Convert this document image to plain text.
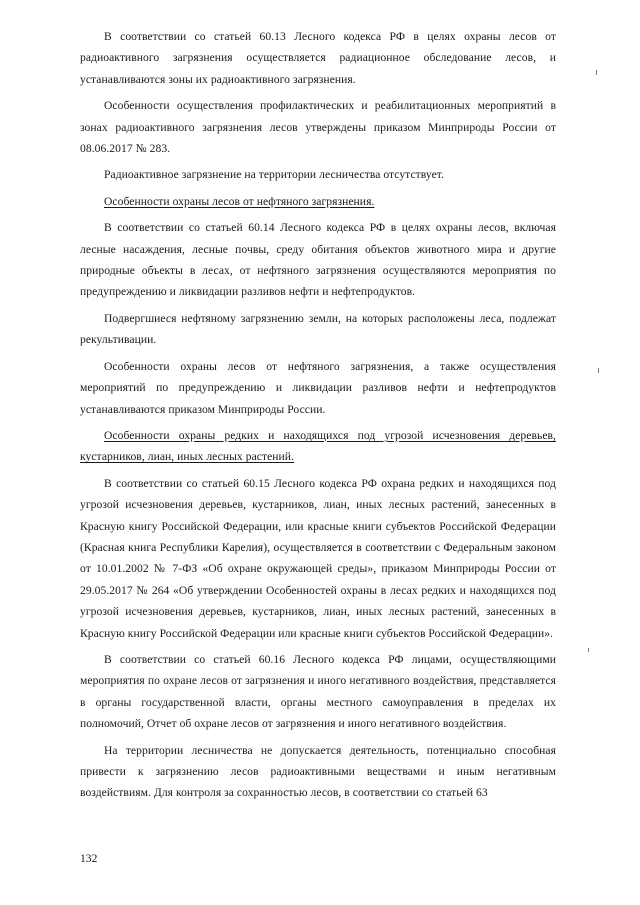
В соответствии со статьей 60.13 Лесного кодекса РФ в целях охраны лесов от радиоактивного загрязнения осуществляется радиационное обследование лесов, и устанавливаются зоны их радиоактивного загрязнения.

Особенности осуществления профилактических и реабилитационных мероприятий в зонах радиоактивного загрязнения лесов утверждены приказом Минприроды России от 08.06.2017 № 283.

Радиоактивное загрязнение на территории лесничества отсутствует.

Особенности охраны лесов от нефтяного загрязнения.

В соответствии со статьей 60.14 Лесного кодекса РФ в целях охраны лесов, включая лесные насаждения, лесные почвы, среду обитания объектов животного мира и другие природные объекты в лесах, от нефтяного загрязнения осуществляются мероприятия по предупреждению и ликвидации разливов нефти и нефтепродуктов.

Подвергшиеся нефтяному загрязнению земли, на которых расположены леса, подлежат рекультивации.

Особенности охраны лесов от нефтяного загрязнения, а также осуществления мероприятий по предупреждению и ликвидации разливов нефти и нефтепродуктов устанавливаются приказом Минприроды России.

Особенности охраны редких и находящихся под угрозой исчезновения деревьев, кустарников, лиан, иных лесных растений.

В соответствии со статьей 60.15 Лесного кодекса РФ охрана редких и находящихся под угрозой исчезновения деревьев, кустарников, лиан, иных лесных растений, занесенных в Красную книгу Российской Федерации, или красные книги субъектов Российской Федерации (Красная книга Республики Карелия), осуществляется в соответствии с Федеральным законом от 10.01.2002 № 7-ФЗ «Об охране окружающей среды», приказом Минприроды России от 29.05.2017 № 264 «Об утверждении Особенностей охраны в лесах редких и находящихся под угрозой исчезновения деревьев, кустарников, лиан, иных лесных растений, занесенных в Красную книгу Российской Федерации или красные книги субъектов Российской Федерации».

В соответствии со статьей 60.16 Лесного кодекса РФ лицами, осуществляющими мероприятия по охране лесов от загрязнения и иного негативного воздействия, представляется в органы государственной власти, органы местного самоуправления в пределах их полномочий, Отчет об охране лесов от загрязнения и иного негативного воздействия.

На территории лесничества не допускается деятельность, потенциально способная привести к загрязнению лесов радиоактивными веществами и иным негативным воздействиям. Для контроля за сохранностью лесов, в соответствии со статьей 63

132
